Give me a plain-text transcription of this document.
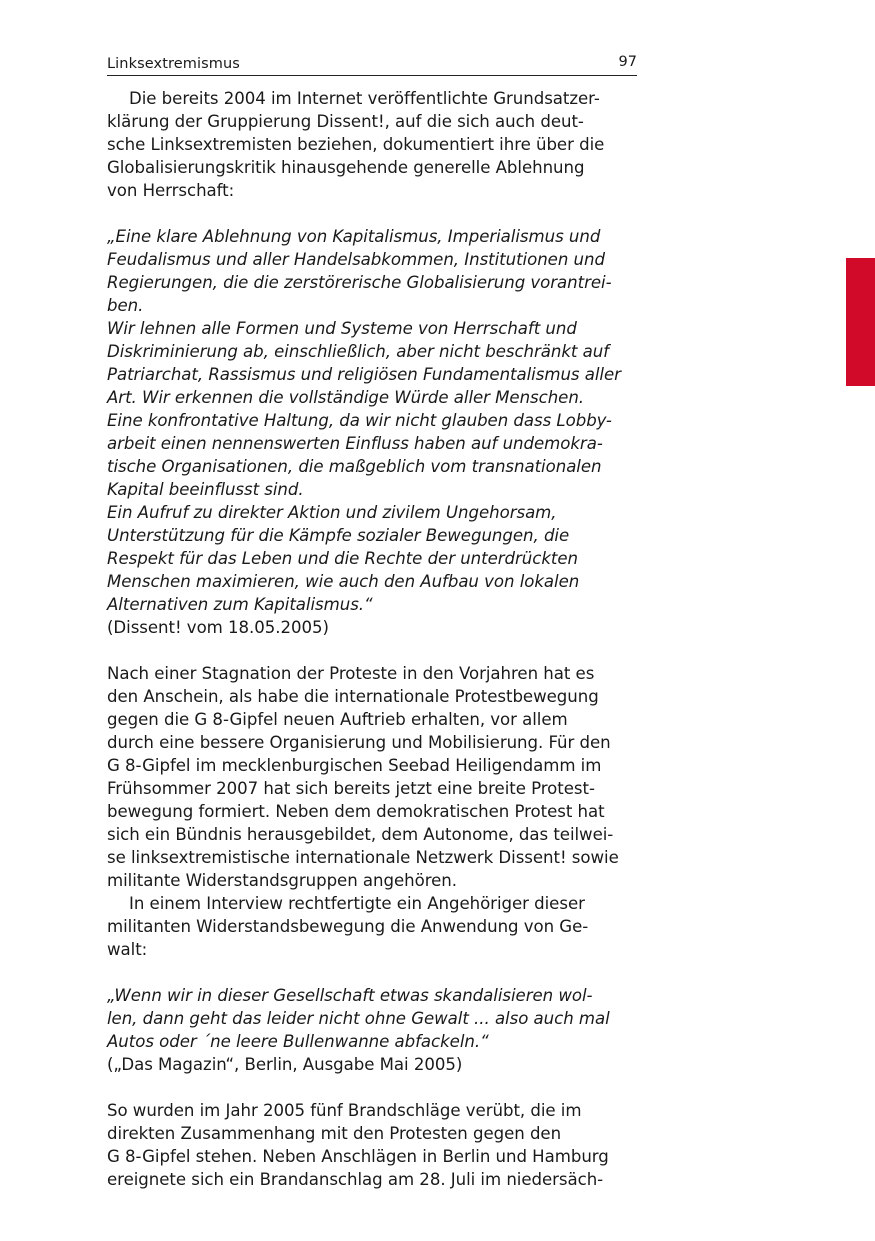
Linksextremismus	97

Die bereits 2004 im Internet veröffentlichte Grundsatzer-
klärung der Gruppierung Dissent!, auf die sich auch deut-
sche Linksextremisten beziehen, dokumentiert ihre über die
Globalisierungskritik hinausgehende generelle Ablehnung
von Herrschaft:

„Eine klare Ablehnung von Kapitalismus, Imperialismus und
Feudalismus und aller Handelsabkommen, Institutionen und
Regierungen, die die zerstörerische Globalisierung vorantrei-
ben.
Wir lehnen alle Formen und Systeme von Herrschaft und
Diskriminierung ab, einschließlich, aber nicht beschränkt auf
Patriarchat, Rassismus und religiösen Fundamentalismus aller
Art. Wir erkennen die vollständige Würde aller Menschen.
Eine konfrontative Haltung, da wir nicht glauben dass Lobby-
arbeit einen nennenswerten Einfluss haben auf undemokra-
tische Organisationen, die maßgeblich vom transnationalen
Kapital beeinflusst sind.
Ein Aufruf zu direkter Aktion und zivilem Ungehorsam,
Unterstützung für die Kämpfe sozialer Bewegungen, die
Respekt für das Leben und die Rechte der unterdrückten
Menschen maximieren, wie auch den Aufbau von lokalen
Alternativen zum Kapitalismus.“

(Dissent! vom 18.05.2005)

Nach einer Stagnation der Proteste in den Vorjahren hat es
den Anschein, als habe die internationale Protestbewegung
gegen die G 8-Gipfel neuen Auftrieb erhalten, vor allem
durch eine bessere Organisierung und Mobilisierung. Für den
G 8-Gipfel im mecklenburgischen Seebad Heiligendamm im
Frühsommer 2007 hat sich bereits jetzt eine breite Protest-
bewegung formiert. Neben dem demokratischen Protest hat
sich ein Bündnis herausgebildet, dem Autonome, das teilwei-
se linksextremistische internationale Netzwerk Dissent! sowie
militante Widerstandsgruppen angehören.

In einem Interview rechtfertigte ein Angehöriger dieser
militanten Widerstandsbewegung die Anwendung von Ge-
walt:

„Wenn wir in dieser Gesellschaft etwas skandalisieren wol-
len, dann geht das leider nicht ohne Gewalt ... also auch mal
Autos oder ´ne leere Bullenwanne abfackeln.“

(„Das Magazin“, Berlin, Ausgabe Mai 2005)

So wurden im Jahr 2005 fünf Brandschläge verübt, die im
direkten Zusammenhang mit den Protesten gegen den
G 8-Gipfel stehen. Neben Anschlägen in Berlin und Hamburg
ereignete sich ein Brandanschlag am 28. Juli im niedersäch-
